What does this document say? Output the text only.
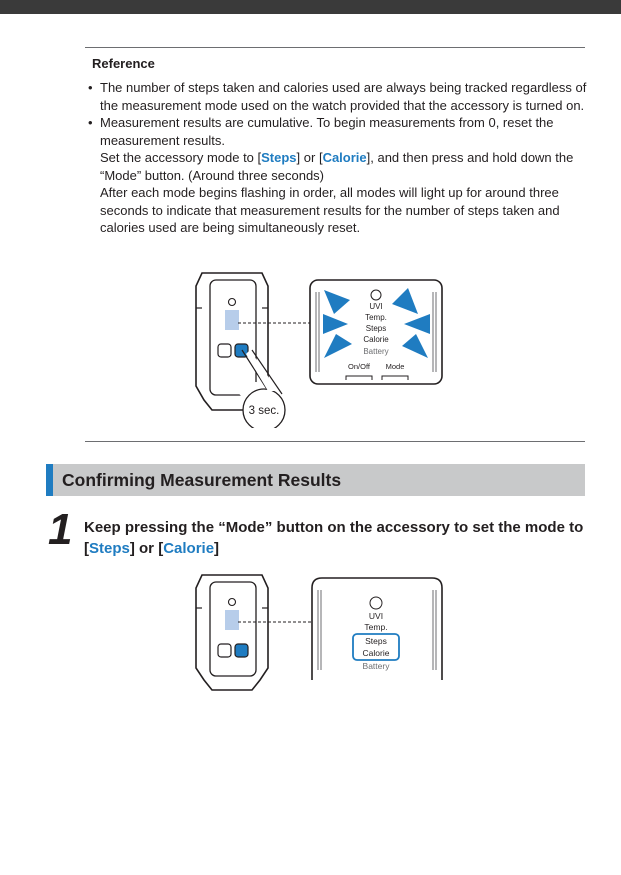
Reference
• The number of steps taken and calories used are always being tracked regardless of the measurement mode used on the watch provided that the accessory is turned on.
• Measurement results are cumulative. To begin measurements from 0, reset the measurement results.
Set the accessory mode to [Steps] or [Calorie], and then press and hold down the “Mode” button. (Around three seconds)
After each mode begins flashing in order, all modes will light up for around three seconds to indicate that measurement results for the number of steps taken and calories used are being simultaneously reset.
3 sec.
UVI
Temp.
Steps
Calorie
Battery
On/Off Mode
Confirming Measurement Results
1 Keep pressing the “Mode” button on the accessory to set the mode to [Steps] or [Calorie]
UVI
Temp.
Steps
Calorie
Battery
